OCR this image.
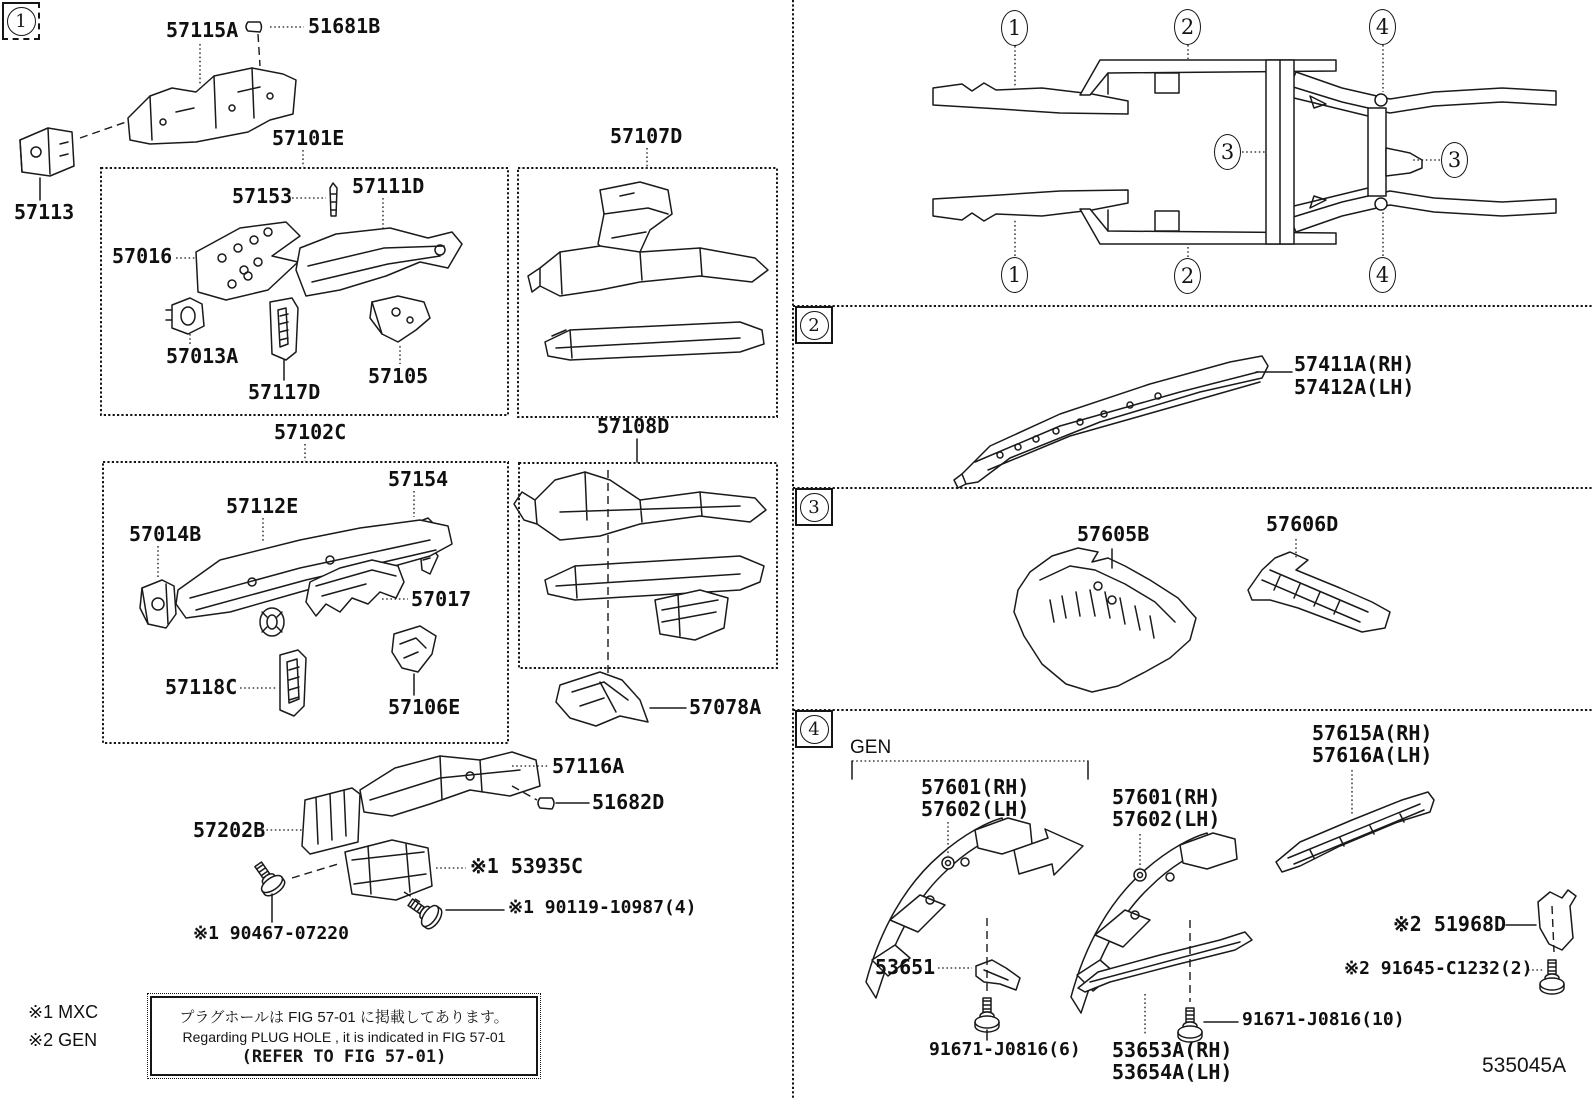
1
2
3
4
1	2	4
3	3
1	2	4
57115A	51681B
57113
57101E
57153	57111D
57016
57013A
57117D
57105
57107D
57102C
57154
57112E
57014B
57017
57118C
57106E
57108D
57078A
57116A
51682D
57202B
※1 53935C
※1 90119-10987(4)
※1 90467-07220
57411A(RH)
57412A(LH)
57605B	57606D
GEN
57601(RH)
57602(LH)	57601(RH)
57602(LH)
57615A(RH)
57616A(LH)
53651
※2 51968D
※2 91645-C1232(2)
91671-J0816(6)
91671-J0816(10)
53653A(RH)
53654A(LH)
※1 MXC
※2 GEN
プラグホールは FIG 57-01 に掲載してあります。
Regarding PLUG HOLE , it is indicated in FIG 57-01
(REFER TO FIG 57-01)	535045A
